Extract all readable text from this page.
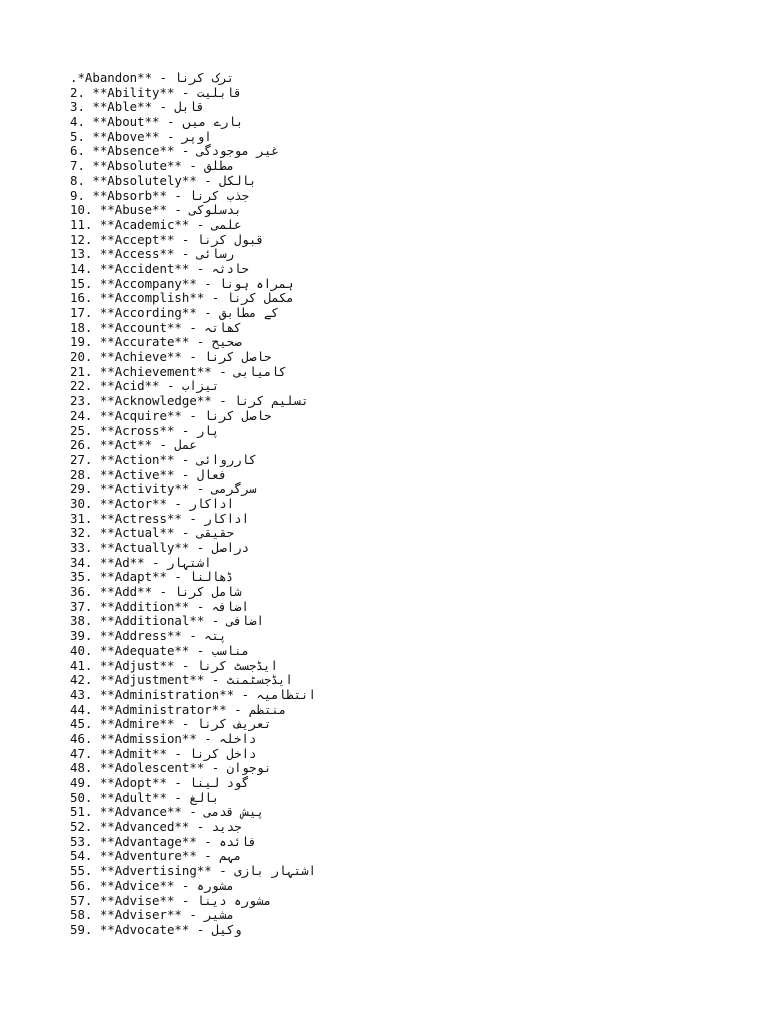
.*Abandon** - ترک کرنا
2. **Ability** - قابلیت
3. **Able** - قابل
4. **About** - بارے میں
5. **Above** - اوپر
6. **Absence** - غیر موجودگی
7. **Absolute** - مطلق
8. **Absolutely** - بالکل
9. **Absorb** - جذب کرنا
10. **Abuse** - بدسلوکی
11. **Academic** - علمی
12. **Accept** - قبول کرنا
13. **Access** - رسائی
14. **Accident** - حادثہ
15. **Accompany** - ہمراہ ہونا
16. **Accomplish** - مکمل کرنا
17. **According** - کے مطابق
18. **Account** - کھاتہ
19. **Accurate** - صحیح
20. **Achieve** - حاصل کرنا
21. **Achievement** - کامیابی
22. **Acid** - تیزاب
23. **Acknowledge** - تسلیم کرنا
24. **Acquire** - حاصل کرنا
25. **Across** - پار
26. **Act** - عمل
27. **Action** - کارروائی
28. **Active** - فعال
29. **Activity** - سرگرمی
30. **Actor** - اداکار
31. **Actress** - اداکار
32. **Actual** - حقیقی
33. **Actually** - دراصل
34. **Ad** - اشتہار
35. **Adapt** - ڈھالنا
36. **Add** - شامل کرنا
37. **Addition** - اضافہ
38. **Additional** - اضافی
39. **Address** - پتہ
40. **Adequate** - مناسب
41. **Adjust** - ایڈجسٹ کرنا
42. **Adjustment** - ایڈجسٹمنٹ
43. **Administration** - انتظامیہ
44. **Administrator** - منتظم
45. **Admire** - تعریف کرنا
46. **Admission** - داخلہ
47. **Admit** - داخل کرنا
48. **Adolescent** - نوجوان
49. **Adopt** - گود لینا
50. **Adult** - بالغ
51. **Advance** - پیش قدمی
52. **Advanced** - جدید
53. **Advantage** - فائدہ
54. **Adventure** - مہم
55. **Advertising** - اشتہار بازی
56. **Advice** - مشورہ
57. **Advise** - مشورہ دینا
58. **Adviser** - مشیر
59. **Advocate** - وکیل
